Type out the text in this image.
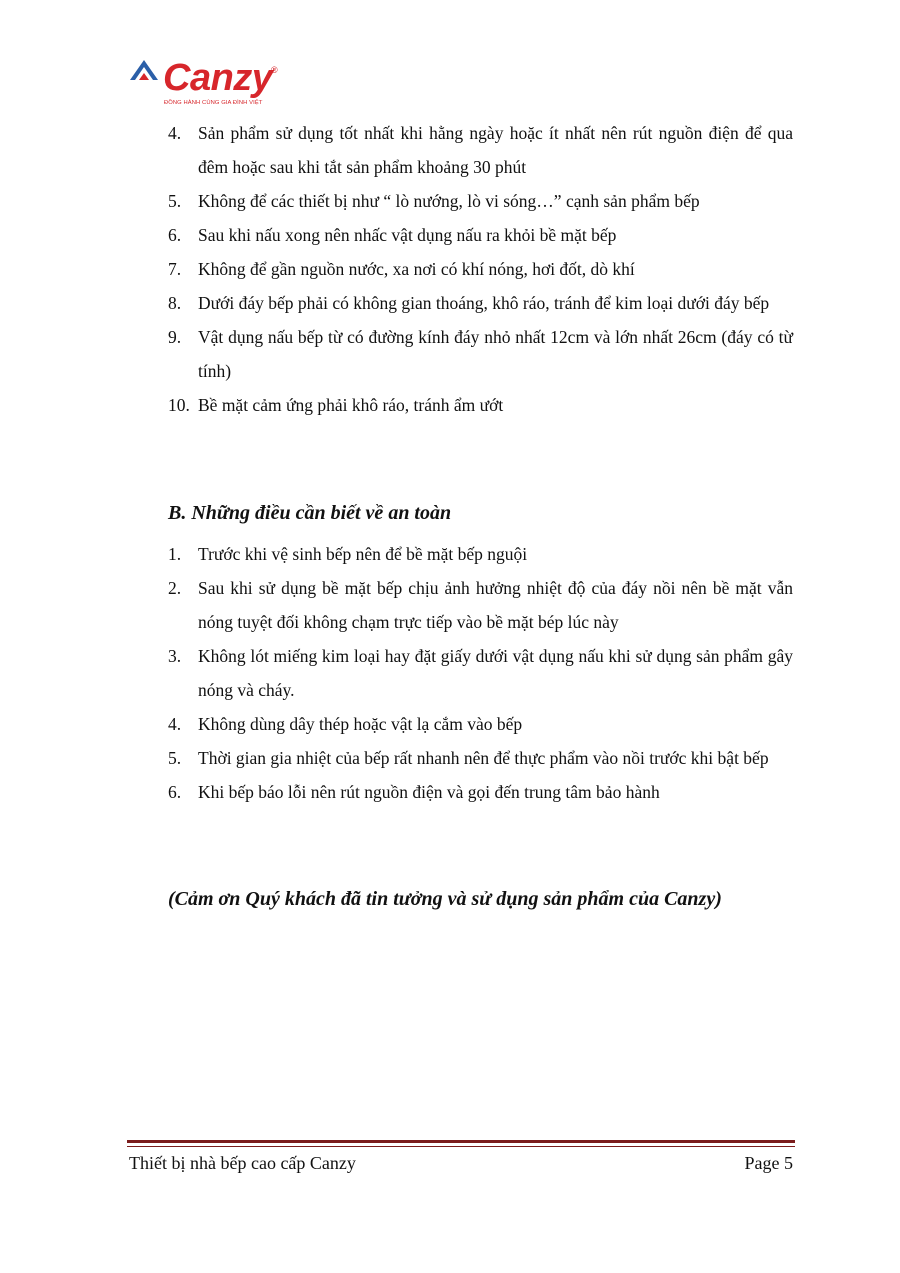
Canzy
®
ĐỒNG HÀNH CÙNG GIA ĐÌNH VIỆT
4. Sản phẩm sử dụng tốt nhất khi hằng ngày hoặc ít nhất nên rút nguồn điện để qua đêm hoặc sau khi tắt sản phẩm khoảng 30 phút
5. Không để các thiết bị như “ lò nướng, lò vi sóng…” cạnh sản phẩm bếp
6. Sau khi nấu xong nên nhấc vật dụng nấu ra khỏi bề mặt bếp
7. Không để gần nguồn nước, xa nơi có khí nóng, hơi đốt, dò khí
8. Dưới đáy bếp phải có không gian thoáng, khô ráo, tránh để kim loại dưới đáy bếp
9. Vật dụng nấu bếp từ có đường kính đáy nhỏ nhất 12cm và lớn nhất 26cm (đáy có từ tính)
10. Bề mặt cảm ứng phải khô ráo, tránh ẩm ướt
B. Những điều cần biết về an toàn
1. Trước khi vệ sinh bếp nên để bề mặt bếp nguội
2. Sau khi sử dụng bề mặt bếp chịu ảnh hưởng nhiệt độ của đáy nồi nên bề mặt vẫn nóng tuyệt đối không chạm trực tiếp vào bề mặt bép lúc này
3. Không lót miếng kim loại hay đặt giấy dưới vật dụng nấu khi sử dụng sản phẩm gây nóng và cháy.
4. Không dùng dây thép hoặc vật lạ cắm vào bếp
5. Thời gian gia nhiệt của bếp rất nhanh nên để thực phẩm vào nồi trước khi bật bếp
6. Khi bếp báo lỗi nên rút nguồn điện và gọi đến trung tâm bảo hành

(Cảm ơn Quý khách đã tin tưởng và sử dụng sản phẩm của Canzy)

Thiết bị nhà bếp cao cấp Canzy	Page 5
